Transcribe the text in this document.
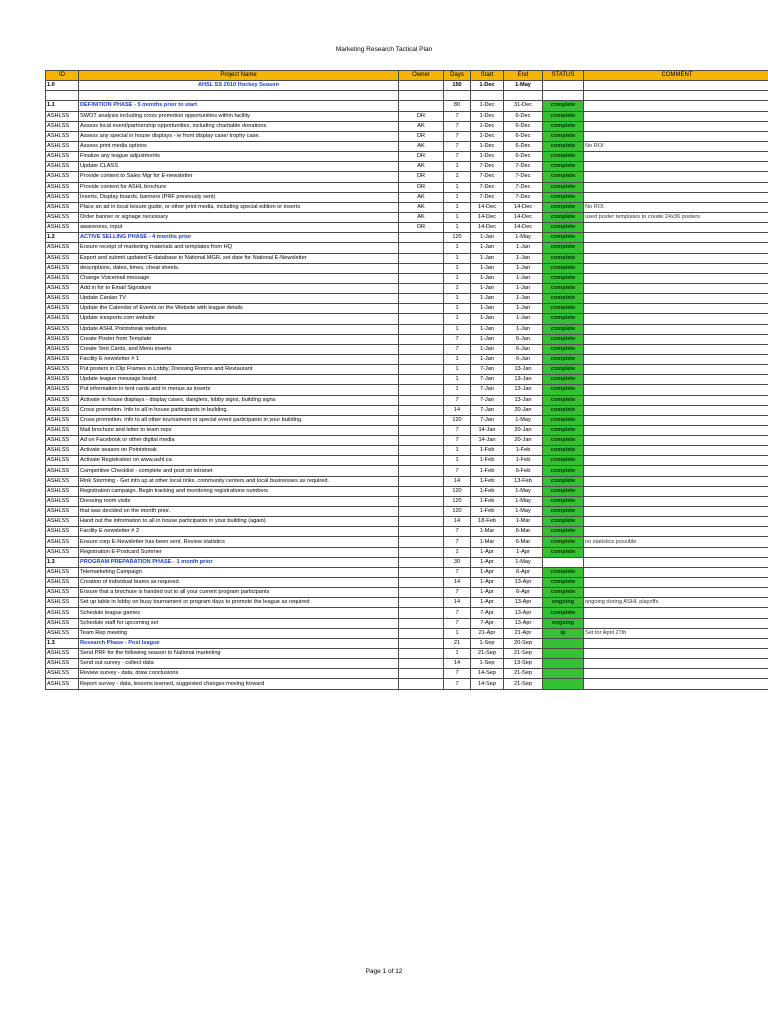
Marketing Research Tactical Plan
ID	Project Name	Owner	Days	Start	End	STATUS	COMMENT
1.0	AHSL SS 2010 Hockey Season		150	1-Dec	1-May		

1.1	DEFINITION PHASE - 5 months prior to start		80	1-Dec	31-Dec	complete	
ASHLSS	SWOT analysis including cross promotion opportunities within facility	DR	7	1-Dec	6-Dec	complete	
ASHLSS	Assess local event/partnership opportunities, including charitable donations	AK	7	1-Dec	6-Dec	complete	
ASHLSS	Assess any special in house displays - ie front display case/ trophy case.	DR	7	1-Dec	6-Dec	complete	
ASHLSS	Assess print media options	AK	7	1-Dec	6-Dec	complete	No ROI
ASHLSS	Finalize any league adjustments	DR	7	1-Dec	6-Dec	complete	
ASHLSS	Update CLASS	AK	1	7-Dec	7-Dec	complete	
ASHLSS	Provide content to Sales Mgr for E-newsletter	DR	1	7-Dec	7-Dec	complete	
ASHLSS	Provide content for ASHL brochure	DR	1	7-Dec	7-Dec	complete	
ASHLSS	Inserts, Display boards, banners (PRF previously sent)	AK	1	7-Dec	7-Dec	complete	
ASHLSS	Place an ad in local leisure guide, or other print media, including special edition or inserts	AK	1	14-Dec	14-Dec	complete	No ROI
ASHLSS	Order banner or signage necessary	AK	1	14-Dec	14-Dec	complete	used poster templates to create 24x36 posters
ASHLSS	awareness, input	DR	1	14-Dec	14-Dec	complete	
1.2	ACTIVE SELLING PHASE - 4 months prior		120	1-Jan	1-May	complete	
ASHLSS	Ensure receipt of marketing materials and templates from HQ		1	1-Jan	1-Jan	complete	
ASHLSS	Export and submit updated E-database to National MGR, set date for National E-Newsletter		1	1-Jan	1-Jan	complete	
ASHLSS	descriptions, dates, times, cheat sheets.		1	1-Jan	1-Jan	complete	
ASHLSS	Change Voicemail message		1	1-Jan	1-Jan	complete	
ASHLSS	Add in for to Email Signature		1	1-Jan	1-Jan	complete	
ASHLSS	Update Canlan TV		1	1-Jan	1-Jan	complete	
ASHLSS	Update the Calendar of Events on the Website with league details		1	1-Jan	1-Jan	complete	
ASHLSS	Update icesports.com website		1	1-Jan	1-Jan	complete	
ASHLSS	Update ASHL Pointstreak websites		1	1-Jan	1-Jan	complete	
ASHLSS	Create Poster from Template		7	1-Jan	6-Jan	complete	
ASHLSS	Create Tent Cards, and Menu inserts		7	1-Jan	6-Jan	complete	
ASHLSS	Facility E newsletter # 1		1	1-Jan	6-Jan	complete	
ASHLSS	Put posters in Clip Frames in Lobby, Dressing Rooms and Restaurant		1	7-Jan	13-Jan	complete	
ASHLSS	Update league message board		1	7-Jan	13-Jan	complete	
ASHLSS	Put information in tent cards and in menus as inserts		1	7-Jan	13-Jan	complete	
ASHLSS	Activate in house displays - display cases, danglers, lobby signs, building signs		7	7-Jan	13-Jan	complete	
ASHLSS	Cross promotion. Info to all in house participants in building.		14	7-Jan	20-Jan	complete	
ASHLSS	Cross promotion. Info to all other tournament or special event participants in your building.		120	7-Jan	1-May	complete	
ASHLSS	Mail brochure and letter to team reps		7	14-Jan	20-Jan	complete	
ASHLSS	Ad on Facebook or other digital media		7	14-Jan	20-Jan	complete	
ASHLSS	Activate season on Pointstreak		1	1-Feb	1-Feb	complete	
ASHLSS	Activate Registration on www.ashl.ca		1	1-Feb	1-Feb	complete	
ASHLSS	Competitive Checklist - complete and post on intranet		7	1-Feb	6-Feb	complete	
ASHLSS	Rink Storming - Get info up at other local rinks, community centers and local businesses as required.		14	1-Feb	13-Feb	complete	
ASHLSS	Registration campaign. Begin tracking and monitoring registrations numbers		120	1-Feb	1-May	complete	
ASHLSS	Dressing room visits		120	1-Feb	1-May	complete	
ASHLSS	that was decided on the month prior.		120	1-Feb	1-May	complete	
ASHLSS	Hand out the information to all in house participants in your building (again)		14	18-Feb	1-Mar	complete	
ASHLSS	Facility E newsletter # 2		7	1-Mar	6-Mar	complete	
ASHLSS	Ensure corp E-Newsletter has been sent. Review statistics		7	1-Mar	6-Mar	complete	no statistics possible
ASHLSS	Registration E-Postcard Summer		1	1-Apr	1-Apr	complete	
1.3	PROGRAM PREPARATION PHASE - 1 month prior		30	1-Apr	1-May		
ASHLSS	Telemarketing Campaign		7	1-Apr	6-Apr	complete	
ASHLSS	Creation of individual teams as required.		14	1-Apr	13-Apr	complete	
ASHLSS	Ensure that a brochure is handed out to all your current program participants		7	1-Apr	6-Apr	complete	
ASHLSS	Set up table in lobby on busy tournament or program days to promote the league as required		14	1-Apr	13-Apr	ongoing	ongoing during ASHL playoffs
ASHLSS	Schedule league games		7	7-Apr	13-Apr	complete	
ASHLSS	Schedule staff for upcoming set		7	7-Apr	13-Apr	ongoing	
ASHLSS	Team Rep meeting		1	21-Apr	21-Apr	ip	Set for April 27th
1.3	Research Phase - Post league		21	1-Sep	20-Sep		
ASHLSS	Send PRF for the following season to National marketing		1	21-Sep	21-Sep		
ASHLSS	Send out survey - collect data		14	1-Sep	13-Sep		
ASHLSS	Review survey - data, draw conclusions		7	14-Sep	21-Sep		
ASHLSS	Report survey - data, lessons learned, suggested changes moving forward		7	14-Sep	21-Sep		
Page 1 of 12
